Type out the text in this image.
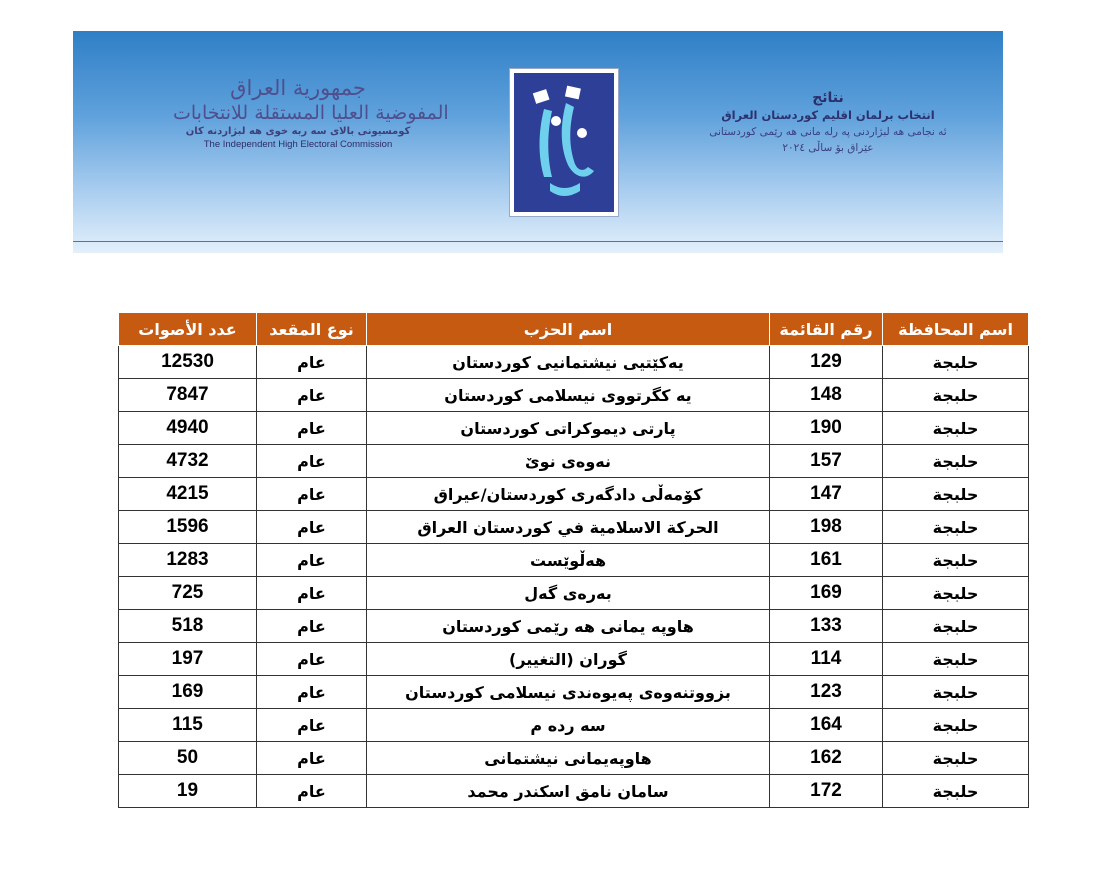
جمهورية العراق
المفوضية العليا المستقلة للانتخابات
كومسيونی بالای سه ربه خوی هه لبژاردنه كان
The Independent High Electoral Commission
نتائج
انتخاب برلمان اقليم كوردستان العراق
ئه نجامی هه لبژاردنی په رله مانی هه رێمی كوردستانی
عێراق بۆ ساڵی ٢٠٢٤
اسم المحافظة	رقم القائمة	اسم الحزب	نوع المقعد	عدد الأصوات
حلبجة	129	يەكێتیی نیشتمانیی كوردستان	عام	12530
حلبجة	148	يه كگرتووی نیسلامی كوردستان	عام	7847
حلبجة	190	پارتی ديموكراتی كوردستان	عام	4940
حلبجة	157	نەوەی نوێ	عام	4732
حلبجة	147	كۆمەڵی دادگەری كوردستان/عیراق	عام	4215
حلبجة	198	الحركة الاسلامية في كوردستان العراق	عام	1596
حلبجة	161	هەڵوێست	عام	1283
حلبجة	169	بەرەی گەل	عام	725
حلبجة	133	هاوپه يمانی هه رێمی كوردستان	عام	518
حلبجة	114	گوران (التغيير)	عام	197
حلبجة	123	بزووتنەوەی پەيوەندی نیسلامی كوردستان	عام	169
حلبجة	164	سه رده م	عام	115
حلبجة	162	هاوپەيمانی نیشتمانی	عام	50
حلبجة	172	سامان نامق اسكندر محمد	عام	19
